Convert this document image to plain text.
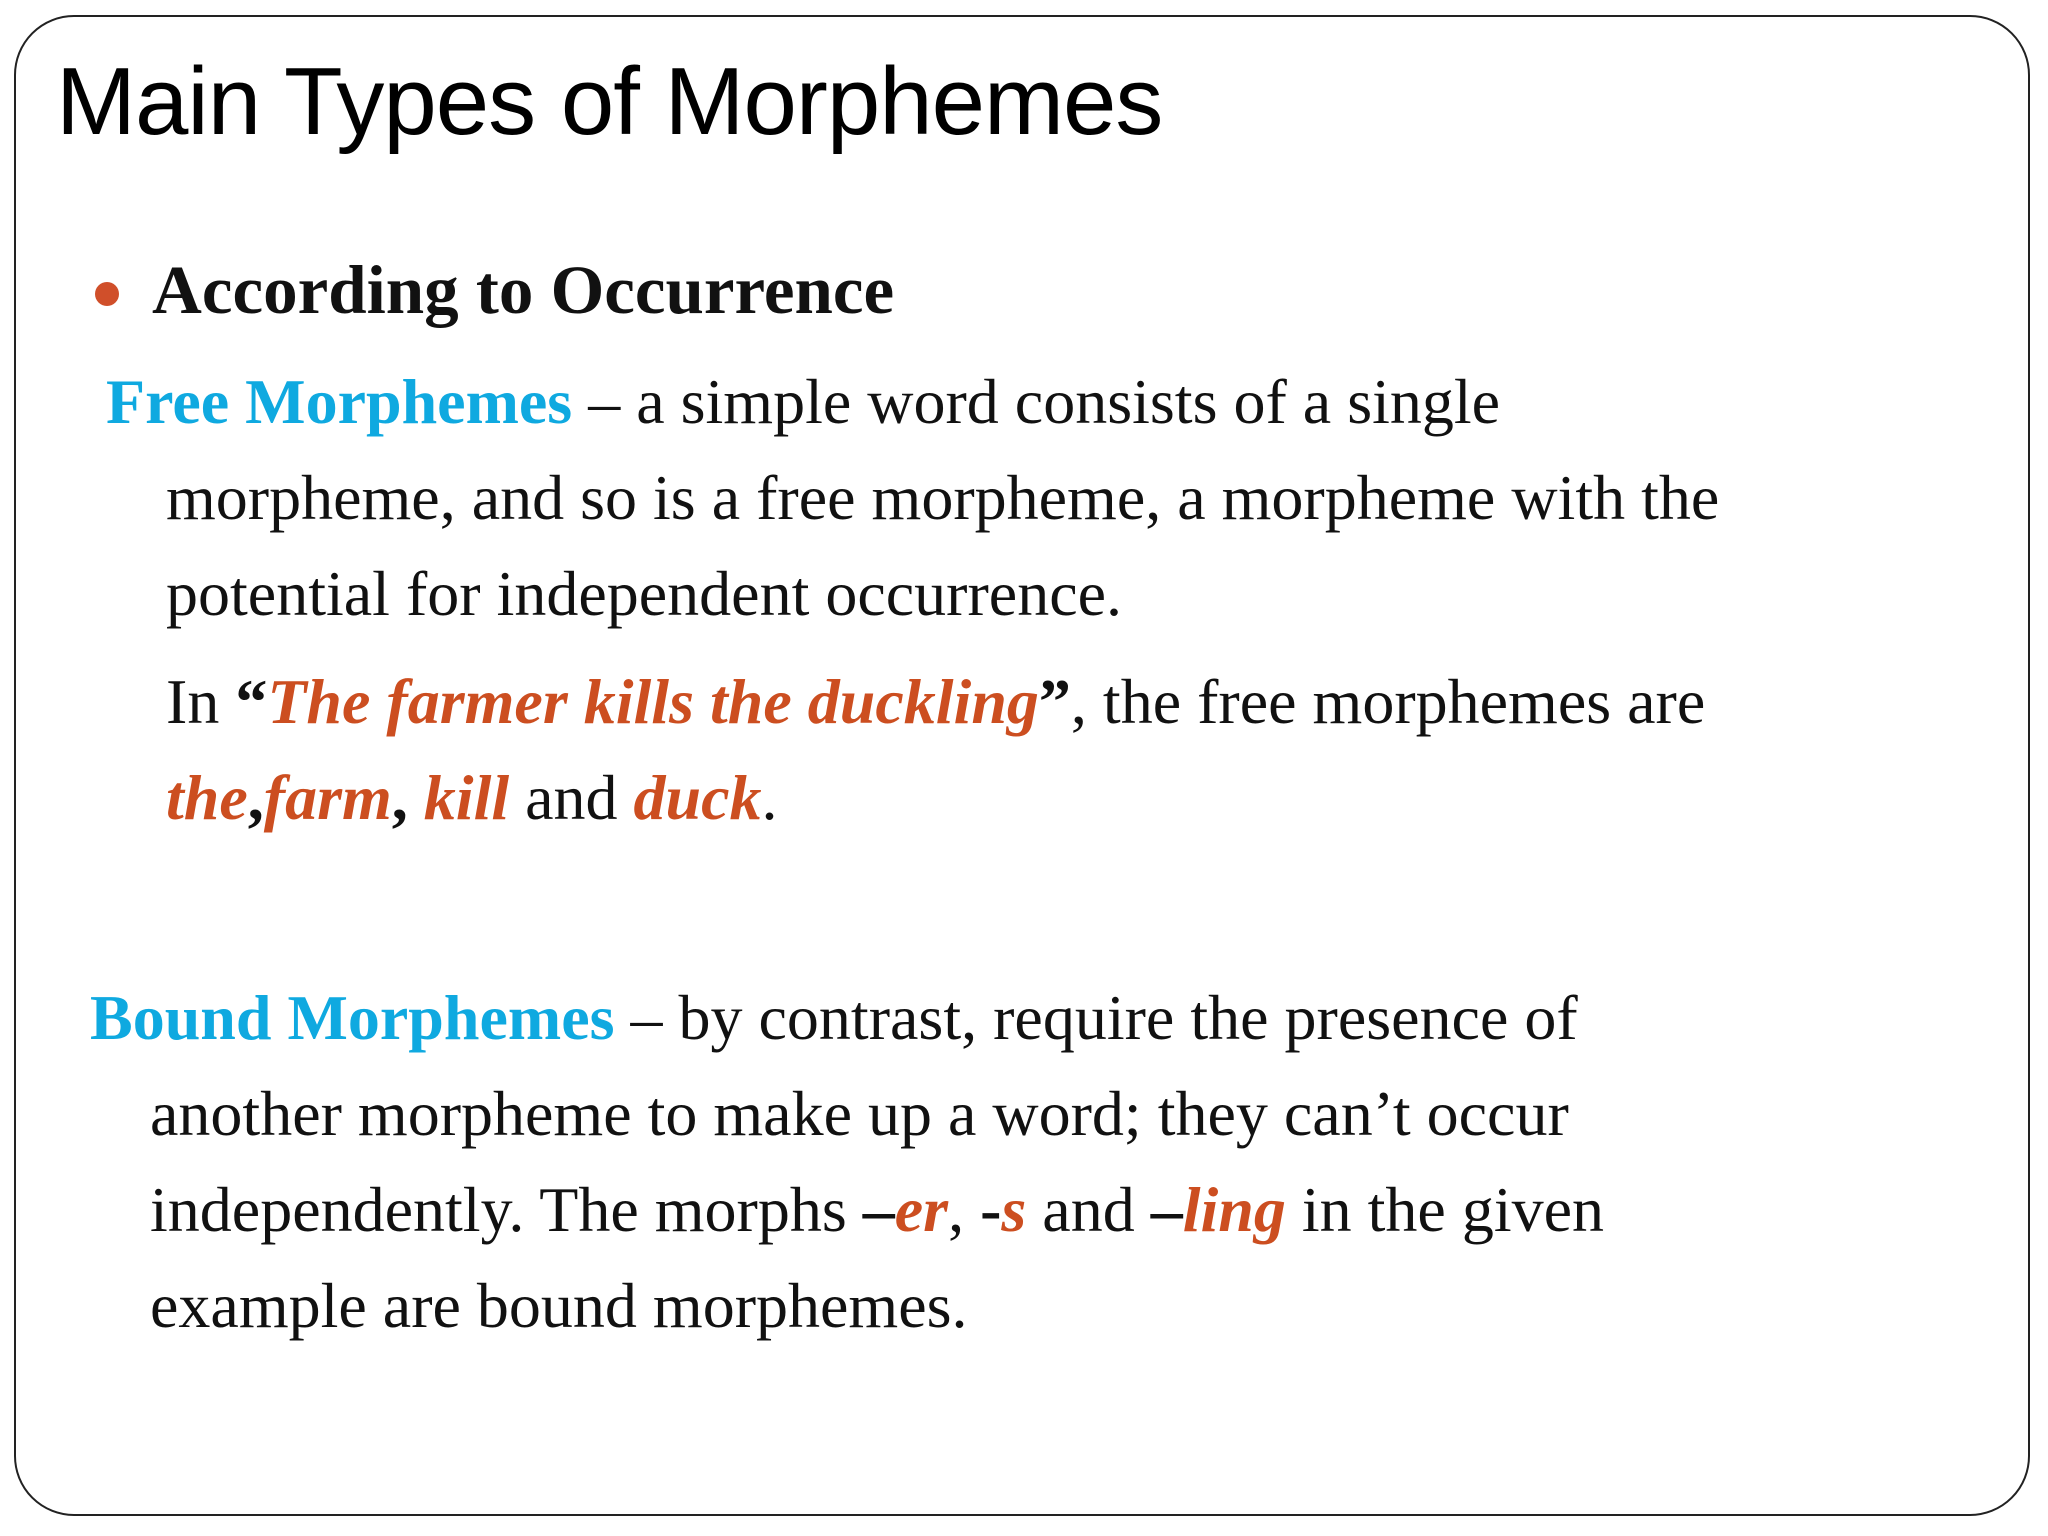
Main Types of Morphemes
According to Occurrence
Free Morphemes – a simple word consists of a single
morpheme, and so is a free morpheme, a morpheme with the
potential for independent occurrence.
In “The farmer kills the duckling”, the free morphemes are
the,farm, kill and duck.
Bound Morphemes – by contrast, require the presence of
another morpheme to make up a word; they can’t occur
independently. The morphs –er, -s and –ling in the given
example are bound morphemes.
